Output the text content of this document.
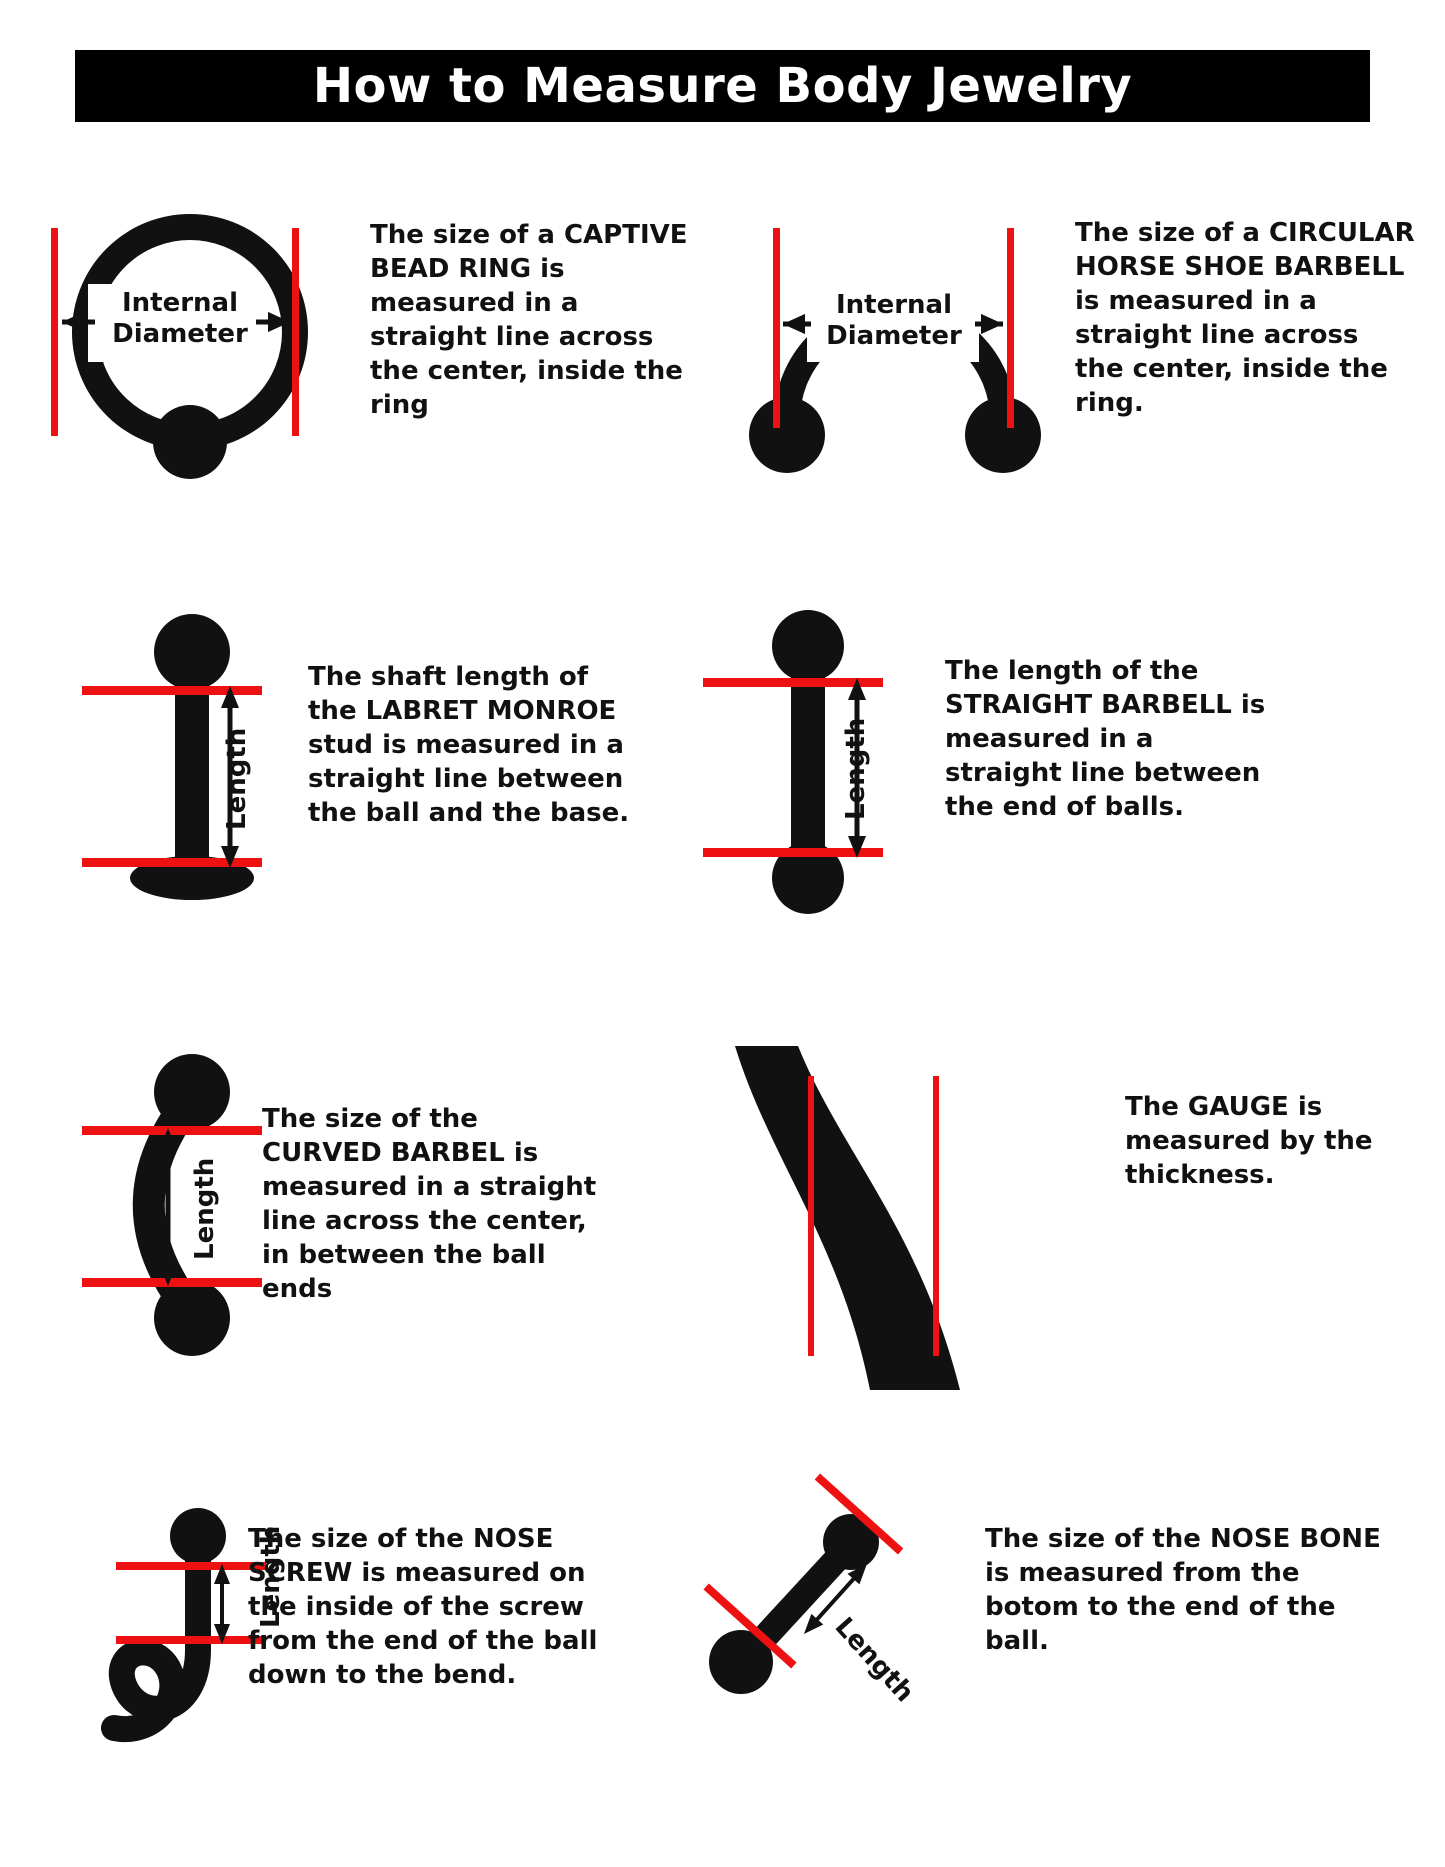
How to Measure Body Jewelry
Internal
Diameter
The size of a CAPTIVE BEAD RING is measured in a straight line across the center, inside the ring
Internal
Diameter
The size of a CIRCULAR HORSE SHOE BARBELL is measured in a straight line across the center, inside the ring.
Length
The shaft length of the LABRET MONROE stud is measured in a straight line between the ball and the base.	Length
The length of the STRAIGHT BARBELL is measured in a straight line between the end of balls.
Length
The size of the CURVED BARBEL is measured in a straight line across the center, in between the ball ends
The GAUGE is measured by the thickness.
Length
The size of the NOSE SCREW is measured on the inside of the screw from the end of the ball down to the bend.	Length
The size of the NOSE BONE is measured from the botom to the end of the ball.
